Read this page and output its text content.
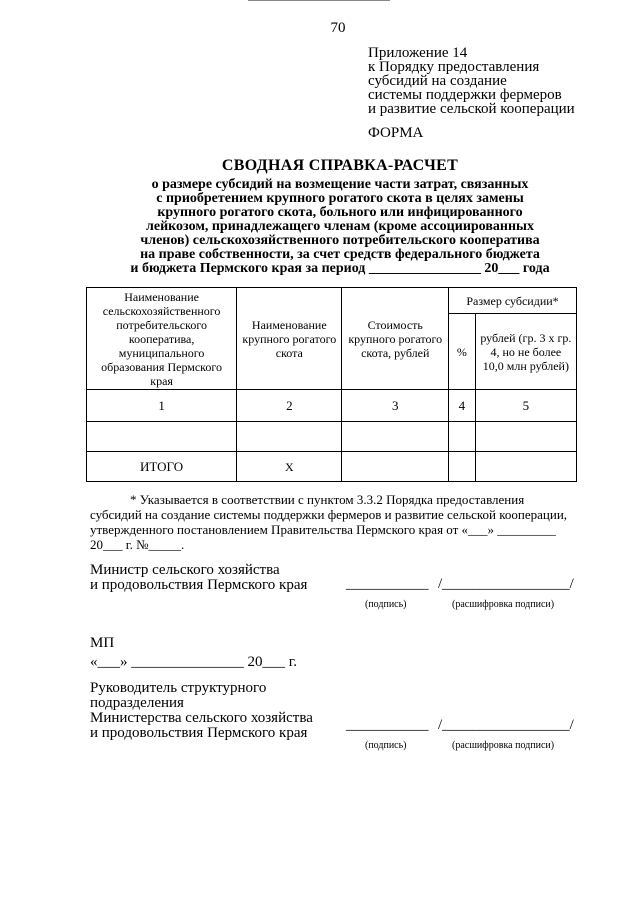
70
Приложение 14
к Порядку предоставления
субсидий на создание
системы поддержки фермеров
и развитие сельской кооперации
ФОРМА
СВОДНАЯ СПРАВКА-РАСЧЕТ
о размере субсидий на возмещение части затрат, связанных
с приобретением крупного рогатого скота в целях замены
крупного рогатого скота, больного или инфицированного
лейкозом, принадлежащего членам (кроме ассоциированных
членов) сельскохозяйственного потребительского кооператива
на праве собственности, за счет средств федерального бюджета
и бюджета Пермского края за период ________________ 20___ года
Наименование сельскохозяйственного потребительского кооператива, муниципального образования Пермского края	Наименование крупного рогатого скота	Стоимость крупного рогатого скота, рублей	Размер субсидии*	
			%	рублей (гр. 3 x гр. 4, но не более 10,0 млн рублей)
1	2	3	4	5

ИТОГО	Х			
* Указывается в соответствии с пунктом 3.3.2 Порядка предоставления
субсидий на создание системы поддержки фермеров и развитие сельской кооперации,
утвержденного постановлением Правительства Пермского края от «___» _________
20___ г. №_____.
Министр сельского хозяйства
и продовольствия Пермского края	___________ /_________________/
(подпись)	(расшифровка подписи)
МП
«___» _______________ 20___ г.
Руководитель структурного
подразделения
Министерства сельского хозяйства
и продовольствия Пермского края	___________ /_________________/
(подпись)	(расшифровка подписи)
